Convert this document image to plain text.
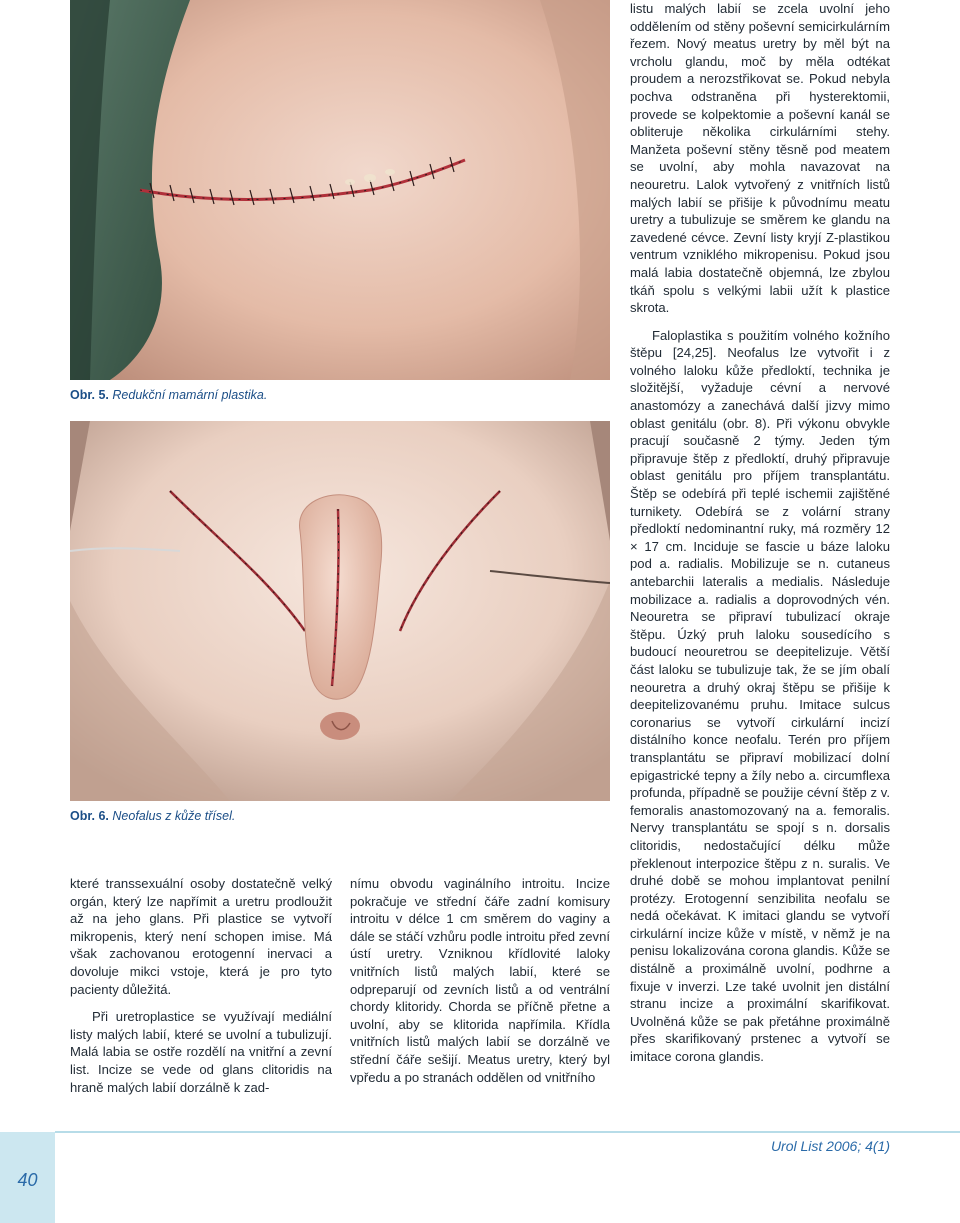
Obr. 5. Redukční mamární plastika.
Obr. 6. Neofalus z kůže třísel.

které transsexuální osoby dostatečně velký orgán, který lze napřímit a uretru prodloužit až na jeho glans. Při plastice se vytvoří mikropenis, který není schopen imise. Má však zachovanou erotogenní inervaci a dovoluje mikci vstoje, která je pro tyto pacienty důležitá.

Při uretroplastice se využívají mediální listy malých labií, které se uvolní a tubulizují. Malá labia se ostře rozdělí na vnitřní a zevní list. Incize se vede od glans clitoridis na hraně malých labií dorzálně k zad-

nímu obvodu vaginálního introitu. Incize pokračuje ve střední čáře zadní komisury introitu v délce 1 cm směrem do vaginy a dále se stáčí vzhůru podle introitu před zevní ústí uretry. Vzniknou křídlovité laloky vnitřních listů malých labií, které se odpreparují od zevních listů a od ventrální chordy klitoridy. Chorda se příčně přetne a uvolní, aby se klitorida napřímila. Křídla vnitřních listů malých labií se dorzálně ve střední čáře sešijí. Meatus uretry, který byl vpředu a po stranách oddělen od vnitřního

listu malých labií se zcela uvolní jeho oddělením od stěny poševní semicirkulárním řezem. Nový meatus uretry by měl být na vrcholu glandu, moč by měla odtékat proudem a nerozstřikovat se. Pokud nebyla pochva odstraněna při hysterektomii, provede se kolpektomie a poševní kanál se obliteruje několika cirkulárními stehy. Manžeta poševní stěny těsně pod meatem se uvolní, aby mohla navazovat na neouretru. Lalok vytvořený z vnitřních listů malých labií se přišije k původnímu meatu uretry a tubulizuje se směrem ke glandu na zavedené cévce. Zevní listy kryjí Z-plastikou ventrum vzniklého mikropenisu. Pokud jsou malá labia dostatečně objemná, lze zbylou tkáň spolu s velkými labii užít k plastice skrota.

Faloplastika s použitím volného kožního štěpu [24,25]. Neofalus lze vytvořit i z volného laloku kůže předloktí, technika je složitější, vyžaduje cévní a nervové anastomózy a zanechává další jizvy mimo oblast genitálu (obr. 8). Při výkonu obvykle pracují současně 2 týmy. Jeden tým připravuje štěp z předloktí, druhý připravuje oblast genitálu pro příjem transplantátu. Štěp se odebírá při teplé ischemii zajištěné turnikety. Odebírá se z volární strany předloktí nedominantní ruky, má rozměry 12 × 17 cm. Inciduje se fascie u báze laloku pod a. radialis. Mobilizuje se n. cutaneus antebarchii lateralis a medialis. Následuje mobilizace a. radialis a doprovodných vén. Neouretra se připraví tubulizací okraje štěpu. Úzký pruh laloku sousedícího s budoucí neouretrou se deepitelizuje. Větší část laloku se tubulizuje tak, že se jím obalí neouretra a druhý okraj štěpu se přišije k deepitelizovanému pruhu. Imitace sulcus coronarius se vytvoří cirkulární incizí distálního konce neofalu. Terén pro příjem transplantátu se připraví mobilizací dolní epigastrické tepny a žíly nebo a. circumflexa profunda, případně se použije cévní štěp z v. femoralis anastomozovaný na a. femoralis. Nervy transplantátu se spojí s n. dorsalis clitoridis, nedostačující délku může překlenout interpozice štěpu z n. suralis. Ve druhé době se mohou implantovat penilní protézy. Erotogenní senzibilita neofalu se nedá očekávat. K imitaci glandu se vytvoří cirkulární incize kůže v místě, v němž je na penisu lokalizována corona glandis. Kůže se distálně a proximálně uvolní, podhrne a fixuje v inverzi. Lze také uvolnit jen distální stranu incize a proximální skarifikovat. Uvolněná kůže se pak přetáhne proximálně přes skarifikovaný prstenec a vytvoří se imitace corona glandis.

40
Urol List 2006; 4(1)
